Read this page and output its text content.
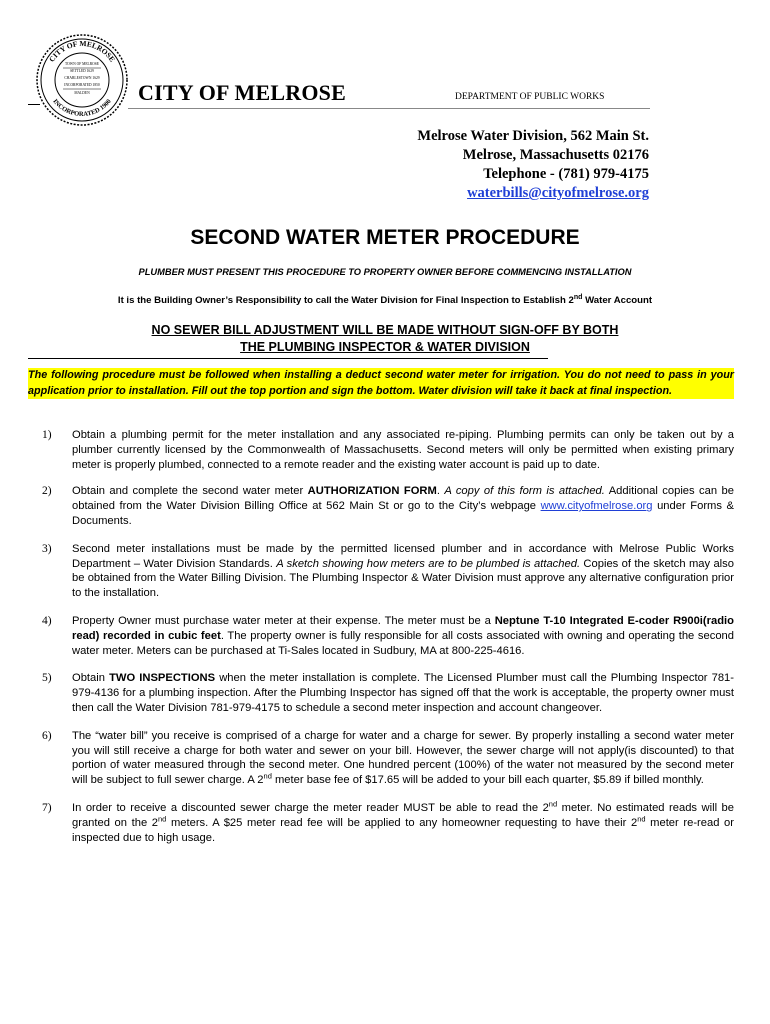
CITY OF MELROSE
INCORPORATED 1900
TOWN OF MELROSE
SETTLED 1629
CHARLESTOWN 1629
INCORPORATED 1850
MALDEN CITY OF MELROSE	DEPARTMENT OF PUBLIC WORKS
Melrose Water Division, 562 Main St.
Melrose, Massachusetts 02176
Telephone - (781) 979-4175
waterbills@cityofmelrose.org
SECOND WATER METER PROCEDURE
PLUMBER MUST PRESENT THIS PROCEDURE TO PROPERTY OWNER BEFORE COMMENCING INSTALLATION
It is the Building Owner’s Responsibility to call the Water Division for Final Inspection to Establish 2nd Water Account
NO SEWER BILL ADJUSTMENT WILL BE MADE WITHOUT SIGN-OFF BY BOTH
THE PLUMBING INSPECTOR & WATER DIVISION
The following procedure must be followed when installing a deduct second water meter for irrigation. You do not need to pass in your application prior to installation. Fill out the top portion and sign the bottom. Water division will take it back at final inspection.
1)	Obtain a plumbing permit for the meter installation and any associated re-piping. Plumbing permits can only be taken out by a plumber currently licensed by the Commonwealth of Massachusetts. Second meters will only be permitted when existing primary meter is properly plumbed, connected to a remote reader and the existing water account is paid up to date.
2)	Obtain and complete the second water meter AUTHORIZATION FORM. A copy of this form is attached. Additional copies can be obtained from the Water Division Billing Office at 562 Main St or go to the City’s webpage www.cityofmelrose.org under Forms & Documents.
3)	Second meter installations must be made by the permitted licensed plumber and in accordance with Melrose Public Works Department – Water Division Standards. A sketch showing how meters are to be plumbed is attached. Copies of the sketch may also be obtained from the Water Billing Division. The Plumbing Inspector & Water Division must approve any alternative configuration prior to the installation.
4)	Property Owner must purchase water meter at their expense. The meter must be a Neptune T-10 Integrated E-coder R900i(radio read) recorded in cubic feet. The property owner is fully responsible for all costs associated with owning and operating the second water meter. Meters can be purchased at Ti-Sales located in Sudbury, MA at 800-225-4616.
5)	Obtain TWO INSPECTIONS when the meter installation is complete. The Licensed Plumber must call the Plumbing Inspector 781-979-4136 for a plumbing inspection. After the Plumbing Inspector has signed off that the work is acceptable, the property owner must then call the Water Division 781-979-4175 to schedule a second meter inspection and account changeover.
6)	The “water bill” you receive is comprised of a charge for water and a charge for sewer. By properly installing a second water meter you will still receive a charge for both water and sewer on your bill. However, the sewer charge will not apply(is discounted) to that portion of water measured through the second meter. One hundred percent (100%) of the water not measured by the second meter will be subject to full sewer charge. A 2nd meter base fee of $17.65 will be added to your bill each quarter, $5.89 if billed monthly.
7)	In order to receive a discounted sewer charge the meter reader MUST be able to read the 2nd meter. No estimated reads will be granted on the 2nd meters. A $25 meter read fee will be applied to any homeowner requesting to have their 2nd meter re-read or inspected due to high usage.
